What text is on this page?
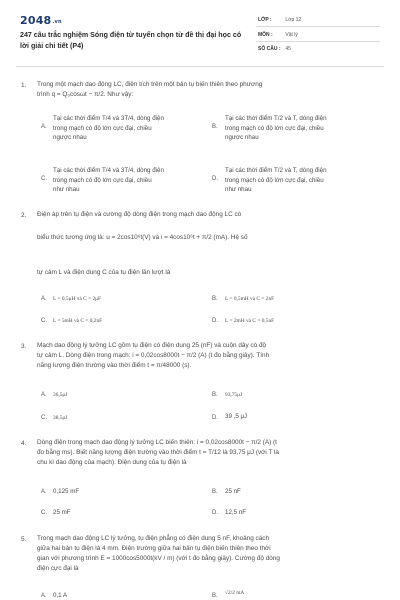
2048.vn
247 câu trắc nghiệm Sóng điện từ tuyển chọn từ đề thi đại học có lời giải chi tiết (P4)
LỚP :	Lớp 12
MÔN :	Vật lý
SỐ CÂU : 45
1. Trong một mạch dao động LC, điện tích trên một bản tụ biến thiên theo phương
trình q = Q₀cosωt − π/2. Như vậy:
A.
Tại các thời điểm T/4 và 3T/4, dòng điện
trong mạch có độ lớn cực đại, chiều
ngược nhau
B.
Tại các thời điểm T/2 và T, dòng điện
trong mạch có độ lớn cực đại, chiều
ngược nhau
C.
Tại các thời điểm T/4 và 3T/4, dòng điện
trong mạch có độ lớn cực đại, chiều
như nhau
D.
Tại các thời điểm T/2 và T, dòng điện
trong mạch có độ lớn cực đại, chiều
như nhau
2. Điện áp trên tụ điện và cường độ dòng điện trong mạch dao động LC có
biểu thức tương ứng là: u = 2cos10⁶t(V) và i = 4cos10⁶t + π/2 (mA). Hệ số
tự cảm L và điện dung C của tụ điện lần lượt là
A. L = 0,5μH và C = 2μF	B. L = 0,5mH và C = 2nF
C. L = 5mH và C = 0,2nF	D. L = 2mH và C = 0,5nF
3. Mạch dao động lý tưởng LC gồm tụ điện có điện dung 25 (nF) và cuộn dây có độ
tự cảm L. Dòng điện trong mạch: i = 0,02cos8000t − π/2 (A) (t đo bằng giây). Tính
năng lượng điện trường vào thời điểm t = π/48000 (s).
A. 36,5μJ	B. 93,75μJ
C. 38,5μJ	D. 39 ,5 μJ
4. Dòng điện trong mạch dao động lý tưởng LC biến thiên: i = 0,02cos8000t − π/2 (A) (t
đo bằng ms). Biết năng lượng điện trường vào thời điểm t = T/12 là 93,75 μJ (với T là
chu kì dao động của mạch). Điện dung của tụ điện là
A. 0,125 mF	B. 25 nF
C. 25 mF	D. 12,5 nF
5. Trong mạch dao động LC lý tưởng, tụ điện phẳng có điện dung 5 nF, khoảng cách
giữa hai bản tụ điện là 4 mm. Điện trường giữa hai bản tụ điện biến thiên theo thời
gian với phương trình E = 1000cos5000t(kV / m) (với t đo bằng giây). Cường độ dòng
điện cực đại là
A. 0,1 A	B. √2/2 mA
